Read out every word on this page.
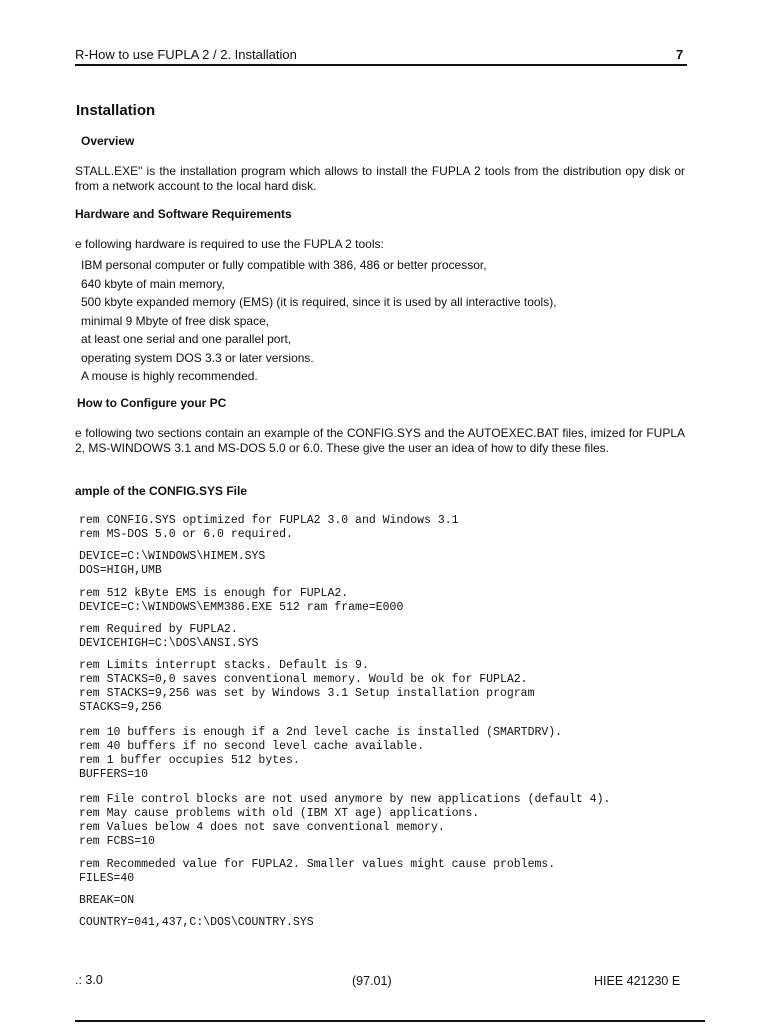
R-How to use FUPLA 2 / 2. Installation	7
Installation
Overview
STALL.EXE" is the installation program which allows to install the FUPLA 2 tools from the distribution opy disk or from a network account to the local hard disk.
Hardware and Software Requirements
e following hardware is required to use the FUPLA 2 tools:
IBM personal computer or fully compatible with 386, 486 or better processor,
640 kbyte of main memory,
500 kbyte expanded memory (EMS) (it is required, since it is used by all interactive tools),
minimal 9 Mbyte of free disk space,
at least one serial and one parallel port,
operating system DOS 3.3 or later versions.
A mouse is highly recommended.
How to Configure your PC
e following two sections contain an example of the CONFIG.SYS and the AUTOEXEC.BAT files, imized for FUPLA 2, MS-WINDOWS 3.1 and MS-DOS 5.0 or 6.0. These give the user an idea of how to dify these files.
ample of the CONFIG.SYS File
rem CONFIG.SYS optimized for FUPLA2 3.0 and Windows 3.1
rem MS-DOS 5.0 or 6.0 required.
DEVICE=C:\WINDOWS\HIMEM.SYS
DOS=HIGH,UMB
rem 512 kByte EMS is enough for FUPLA2.
DEVICE=C:\WINDOWS\EMM386.EXE 512 ram frame=E000
rem Required by FUPLA2.
DEVICEHIGH=C:\DOS\ANSI.SYS
rem Limits interrupt stacks. Default is 9.
rem STACKS=0,0 saves conventional memory. Would be ok for FUPLA2.
rem STACKS=9,256 was set by Windows 3.1 Setup installation program
STACKS=9,256
rem 10 buffers is enough if a 2nd level cache is installed (SMARTDRV).
rem 40 buffers if no second level cache available.
rem 1 buffer occupies 512 bytes.
BUFFERS=10
rem File control blocks are not used anymore by new applications (default 4).
rem May cause problems with old (IBM XT age) applications.
rem Values below 4 does not save conventional memory.
rem FCBS=10
rem Recommeded value for FUPLA2. Smaller values might cause problems.
FILES=40
BREAK=ON
COUNTRY=041,437,C:\DOS\COUNTRY.SYS
.: 3.0	(97.01)	HIEE 421230 E
